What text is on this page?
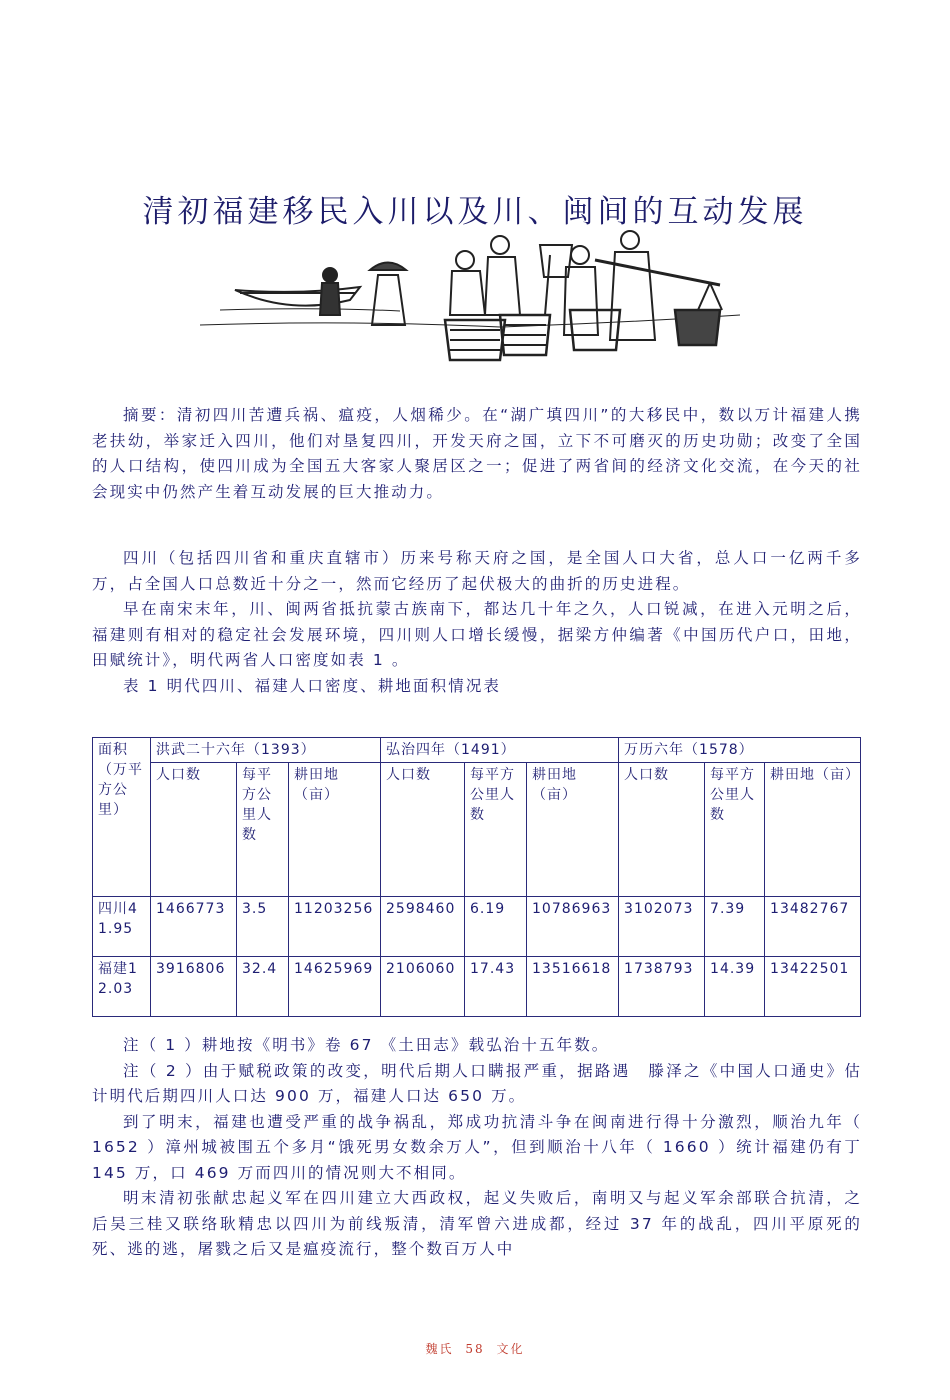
清初福建移民入川以及川、闽间的互动发展

摘要：清初四川苦遭兵祸、瘟疫，人烟稀少。在“湖广填四川”的大移民中，数以万计福建人携老扶幼，举家迁入四川，他们对垦复四川，开发天府之国，立下不可磨灭的历史功勋；改变了全国的人口结构，使四川成为全国五大客家人聚居区之一；促进了两省间的经济文化交流，在今天的社会现实中仍然产生着互动发展的巨大推动力。

四川（包括四川省和重庆直辖市）历来号称天府之国，是全国人口大省，总人口一亿两千多万，占全国人口总数近十分之一，然而它经历了起伏极大的曲折的历史进程。

早在南宋末年，川、闽两省抵抗蒙古族南下，都达几十年之久，人口锐减，在进入元明之后，福建则有相对的稳定社会发展环境，四川则人口增长缓慢，据梁方仲编著《中国历代户口，田地，田赋统计》，明代两省人口密度如表 1 。

表 1 明代四川、福建人口密度、耕地面积情况表

面积（万平方公里）	洪武二十六年（1393）			弘治四年（1491）			万历六年（1578）		
	人口数	每平方公里人数	耕田地（亩）	人口数	每平方公里人数	耕田地（亩）	人口数	每平方公里人数	耕田地（亩）
四川41.95	1466773	3.5	11203256	2598460	6.19	10786963	3102073	7.39	13482767
福建12.03	3916806	32.4	14625969	2106060	17.43	13516618	1738793	14.39	13422501

注（ 1 ）耕地按《明书》卷 67 《土田志》载弘治十五年数。

注（ 2 ）由于赋税政策的改变，明代后期人口瞒报严重，据路遇　滕泽之《中国人口通史》估计明代后期四川人口达 900 万，福建人口达 650 万。

到了明末，福建也遭受严重的战争祸乱，郑成功抗清斗争在闽南进行得十分激烈，顺治九年（ 1652 ）漳州城被围五个多月“饿死男女数余万人”，但到顺治十八年（ 1660 ）统计福建仍有丁 145 万，口 469 万而四川的情况则大不相同。

明末清初张献忠起义军在四川建立大西政权，起义失败后，南明又与起义军余部联合抗清，之后吴三桂又联络耿精忠以四川为前线叛清，清军曾六进成都，经过 37 年的战乱，四川平原死的死、逃的逃，屠戮之后又是瘟疫流行，整个数百万人中

魏氏 58 文化
